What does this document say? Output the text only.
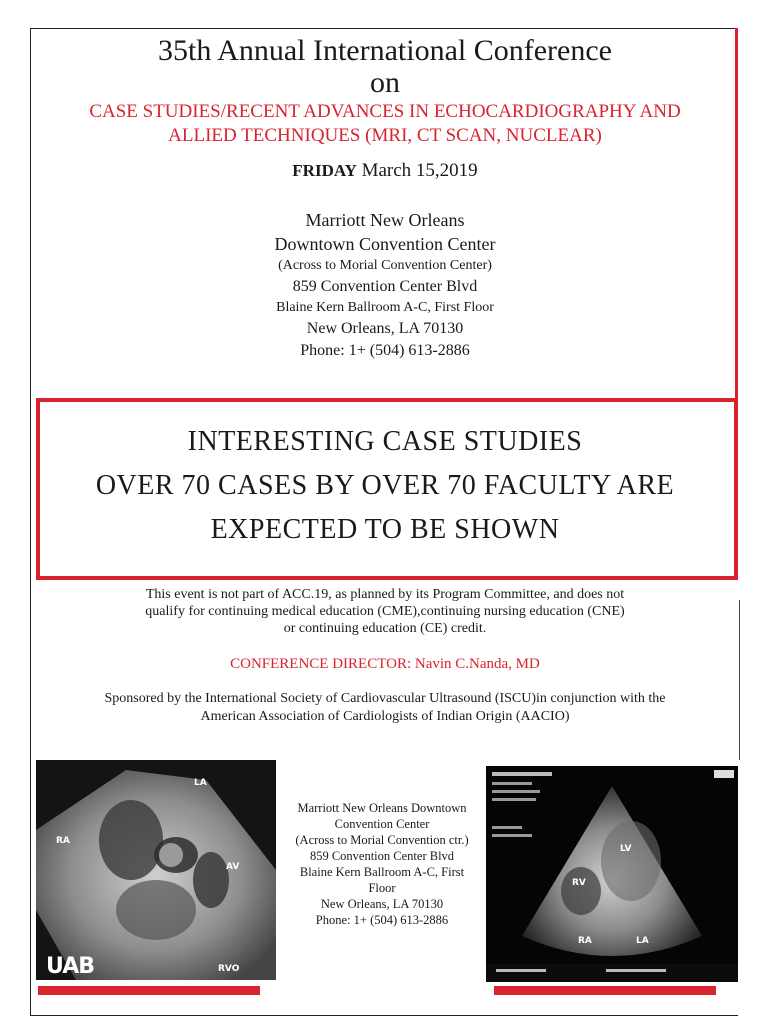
35th Annual International Conference
on
CASE STUDIES/RECENT ADVANCES IN ECHOCARDIOGRAPHY AND
ALLIED TECHNIQUES (MRI, CT SCAN, NUCLEAR)
FRIDAY March 15,2019
Marriott New Orleans
Downtown Convention Center
(Across to Morial Convention Center)
859 Convention Center Blvd
Blaine Kern Ballroom A-C, First Floor
New Orleans, LA 70130
Phone: 1+ (504) 613-2886
INTERESTING CASE STUDIES
OVER 70 CASES BY OVER 70 FACULTY ARE
EXPECTED TO BE SHOWN
This event is not part of ACC.19, as planned by its Program Committee, and does not
qualify for continuing medical education (CME),continuing nursing education (CNE)
or continuing education (CE) credit.
CONFERENCE DIRECTOR: Navin C.Nanda, MD
Sponsored by the International Society of Cardiovascular Ultrasound (ISCU)in conjunction with the
American Association of Cardiologists of Indian Origin (AACIO)
LA
RA
AV
RVO
UAB
Marriott New Orleans Downtown
Convention Center
(Across to Morial Convention ctr.)
859 Convention Center Blvd
Blaine Kern Ballroom A-C, First
Floor
New Orleans, LA 70130
Phone: 1+ (504) 613-2886
LV
RV
RA	LA
